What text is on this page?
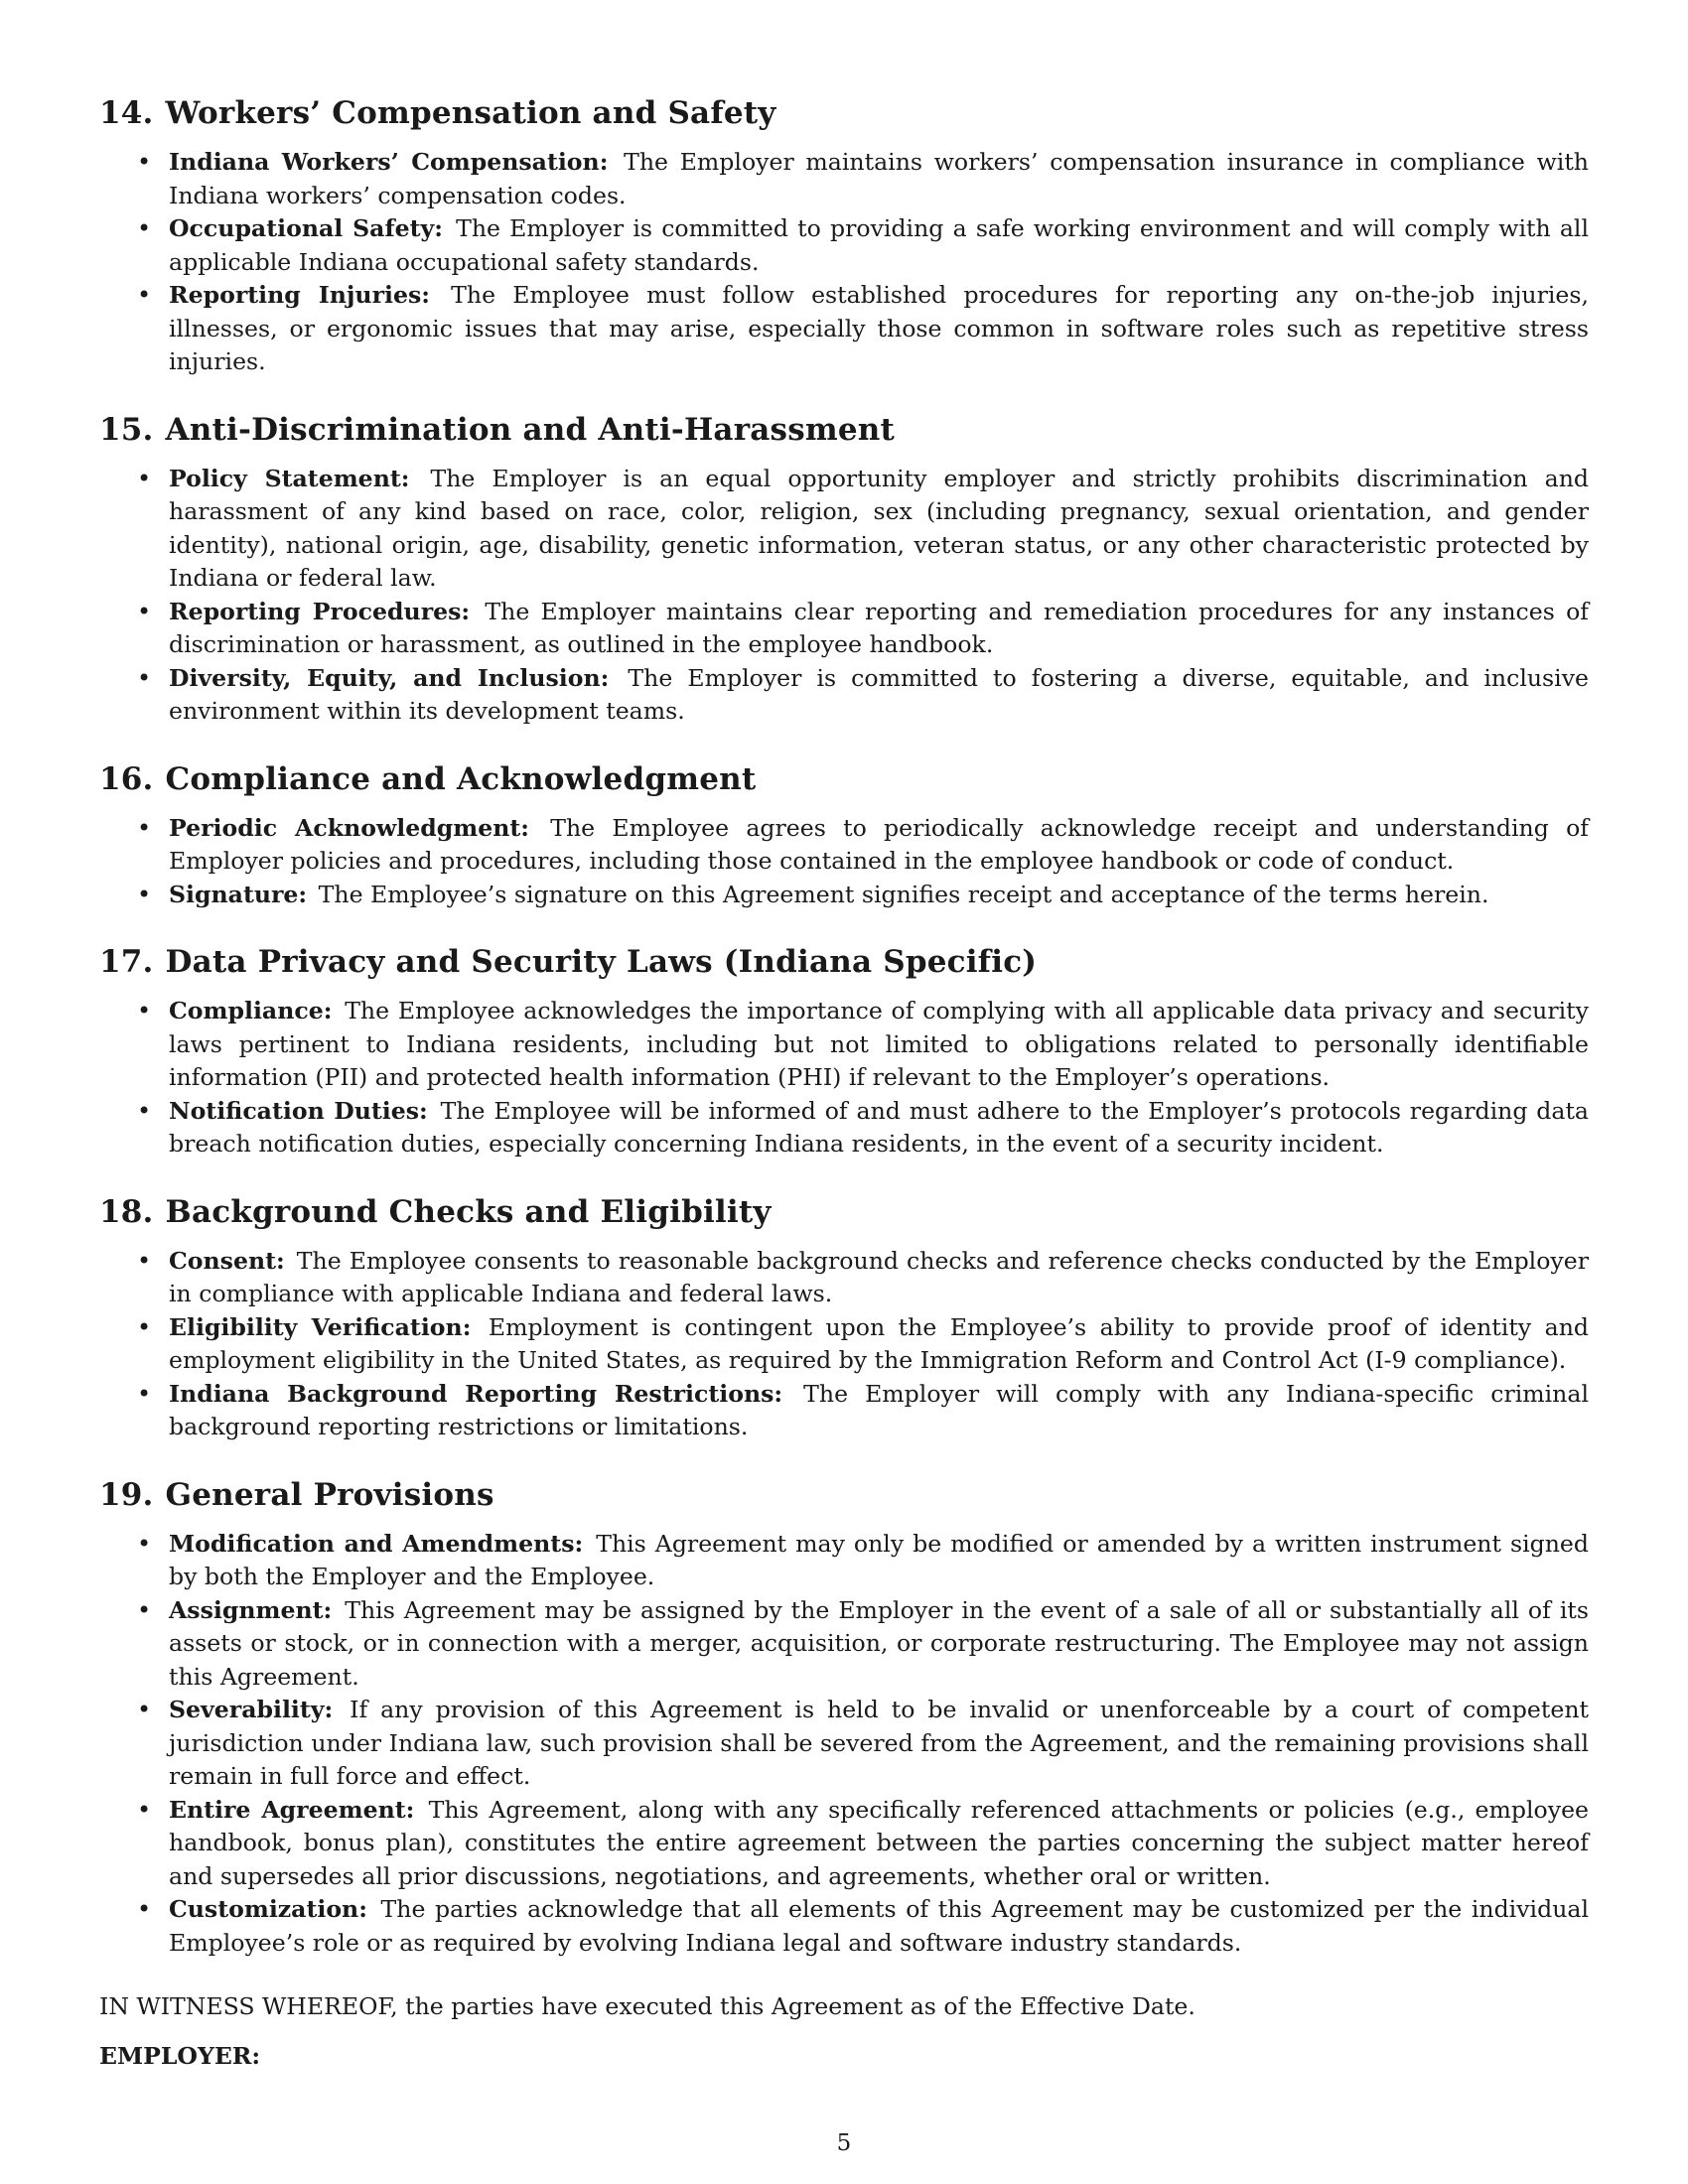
14. Workers’ Compensation and Safety
• Indiana Workers’ Compensation: The Employer maintains workers’ compensation insurance in compliance with Indiana workers’ compensation codes.
• Occupational Safety: The Employer is committed to providing a safe working environment and will comply with all applicable Indiana occupational safety standards.
• Reporting Injuries: The Employee must follow established procedures for reporting any on-the-job injuries, illnesses, or ergonomic issues that may arise, especially those common in software roles such as repetitive stress injuries.
15. Anti-Discrimination and Anti-Harassment
• Policy Statement: The Employer is an equal opportunity employer and strictly prohibits discrimination and harassment of any kind based on race, color, religion, sex (including pregnancy, sexual orientation, and gender identity), national origin, age, disability, genetic information, veteran status, or any other characteristic protected by Indiana or federal law.
• Reporting Procedures: The Employer maintains clear reporting and remediation procedures for any instances of discrimination or harassment, as outlined in the employee handbook.
• Diversity, Equity, and Inclusion: The Employer is committed to fostering a diverse, equitable, and inclusive environment within its development teams.
16. Compliance and Acknowledgment
• Periodic Acknowledgment: The Employee agrees to periodically acknowledge receipt and understanding of Employer policies and procedures, including those contained in the employee handbook or code of conduct.
• Signature: The Employee’s signature on this Agreement signifies receipt and acceptance of the terms herein.
17. Data Privacy and Security Laws (Indiana Specific)
• Compliance: The Employee acknowledges the importance of complying with all applicable data privacy and security laws pertinent to Indiana residents, including but not limited to obligations related to personally identifiable information (PII) and protected health information (PHI) if relevant to the Employer’s operations.
• Notification Duties: The Employee will be informed of and must adhere to the Employer’s protocols regarding data breach notification duties, especially concerning Indiana residents, in the event of a security incident.
18. Background Checks and Eligibility
• Consent: The Employee consents to reasonable background checks and reference checks conducted by the Employer in compliance with applicable Indiana and federal laws.
• Eligibility Verification: Employment is contingent upon the Employee’s ability to provide proof of identity and employment eligibility in the United States, as required by the Immigration Reform and Control Act (I-9 compliance).
• Indiana Background Reporting Restrictions: The Employer will comply with any Indiana-specific criminal background reporting restrictions or limitations.
19. General Provisions
• Modification and Amendments: This Agreement may only be modified or amended by a written instrument signed by both the Employer and the Employee.
• Assignment: This Agreement may be assigned by the Employer in the event of a sale of all or substantially all of its assets or stock, or in connection with a merger, acquisition, or corporate restructuring. The Employee may not assign this Agreement.
• Severability: If any provision of this Agreement is held to be invalid or unenforceable by a court of competent jurisdiction under Indiana law, such provision shall be severed from the Agreement, and the remaining provisions shall remain in full force and effect.
• Entire Agreement: This Agreement, along with any specifically referenced attachments or policies (e.g., employee handbook, bonus plan), constitutes the entire agreement between the parties concerning the subject matter hereof and supersedes all prior discussions, negotiations, and agreements, whether oral or written.
• Customization: The parties acknowledge that all elements of this Agreement may be customized per the individual Employee’s role or as required by evolving Indiana legal and software industry standards.

IN WITNESS WHEREOF, the parties have executed this Agreement as of the Effective Date.

EMPLOYER:
5
